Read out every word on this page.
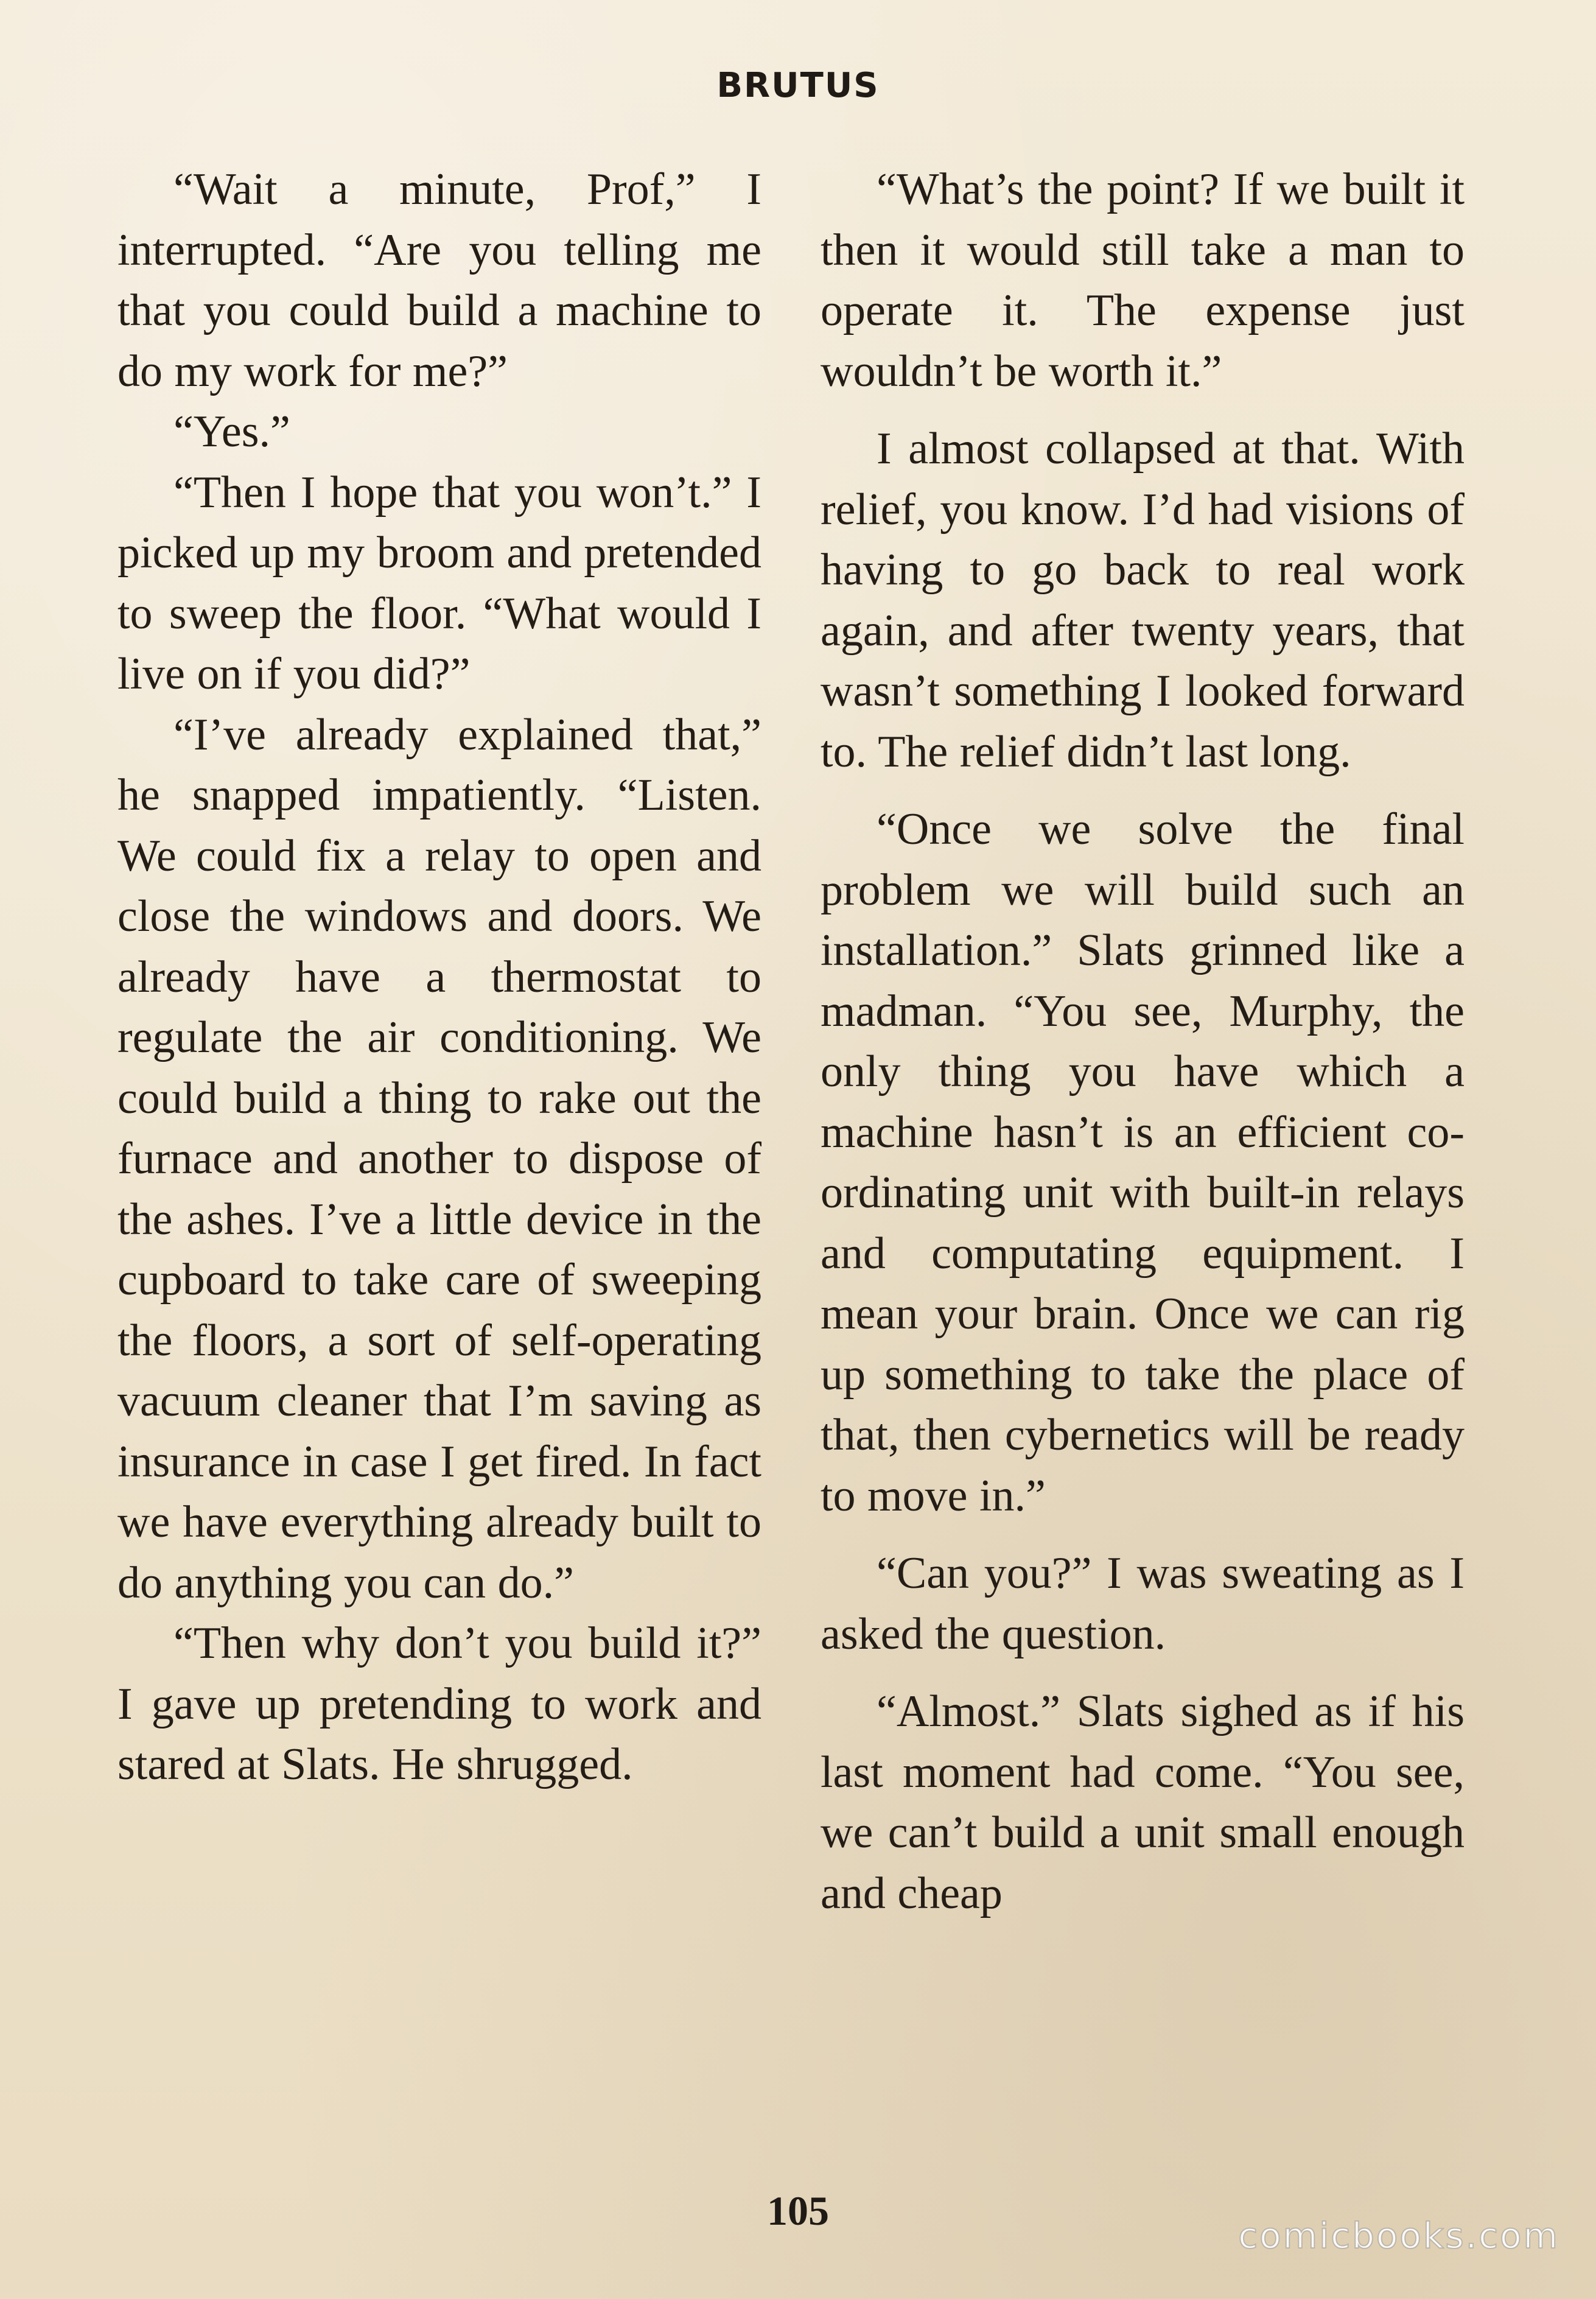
BRUTUS

“Wait a minute, Prof,” I interrupted. “Are you telling me that you could build a machine to do my work for me?”

“Yes.”

“Then I hope that you won’t.” I picked up my broom and pretended to sweep the floor. “What would I live on if you did?”

“I’ve already explained that,” he snapped impatiently. “Listen. We could fix a relay to open and close the windows and doors. We already have a thermostat to regulate the air conditioning. We could build a thing to rake out the furnace and another to dispose of the ashes. I’ve a little device in the cupboard to take care of sweeping the floors, a sort of self-operating vacuum cleaner that I’m saving as insurance in case I get fired. In fact we have everything already built to do anything you can do.”

“Then why don’t you build it?” I gave up pretending to work and stared at Slats. He shrugged.

“What’s the point? If we built it then it would still take a man to operate it. The expense just wouldn’t be worth it.”

I almost collapsed at that. With relief, you know. I’d had visions of having to go back to real work again, and after twenty years, that wasn’t something I looked forward to. The relief didn’t last long.

“Once we solve the final problem we will build such an installation.” Slats grinned like a madman. “You see, Murphy, the only thing you have which a machine hasn’t is an efficient co-ordinating unit with built-in relays and computating equipment. I mean your brain. Once we can rig up something to take the place of that, then cybernetics will be ready to move in.”

“Can you?” I was sweating as I asked the question.

“Almost.” Slats sighed as if his last moment had come. “You see, we can’t build a unit small enough and cheap

105
comicbooks.com
